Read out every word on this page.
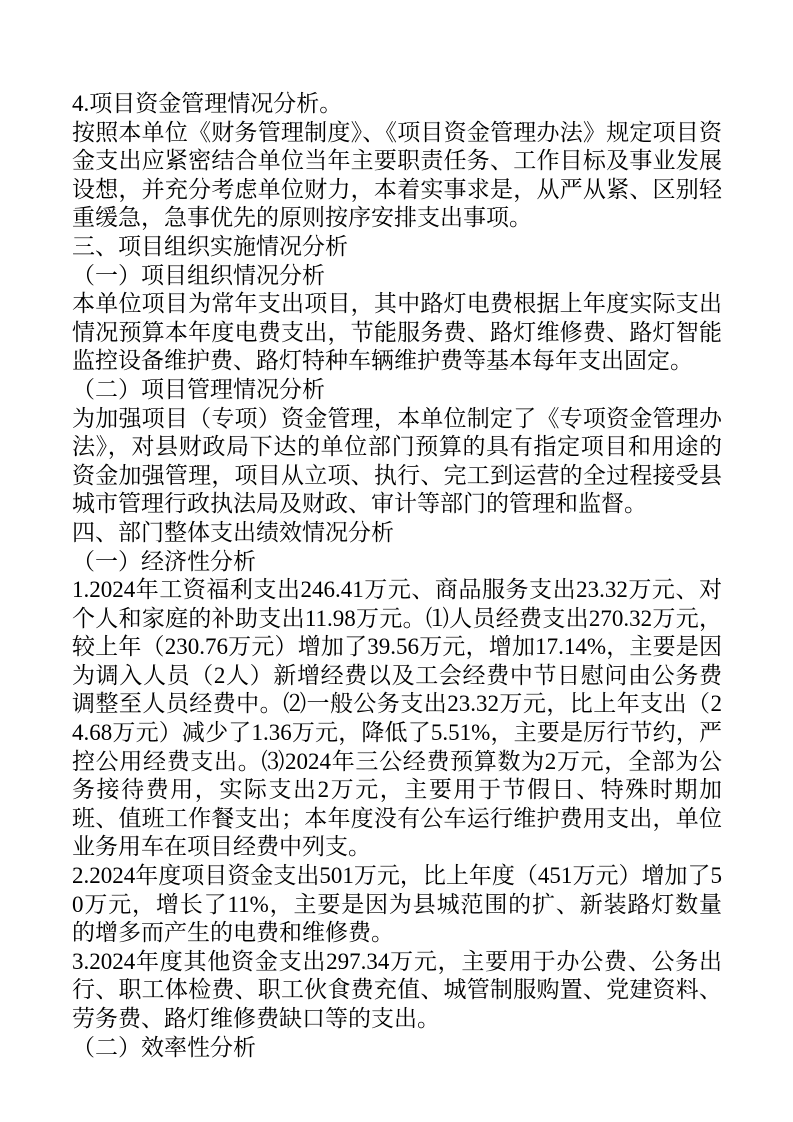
4.项目资金管理情况分析。

按照本单位《财务管理制度》、《项目资金管理办法》规定项目资金支出应紧密结合单位当年主要职责任务、工作目标及事业发展设想，并充分考虑单位财力，本着实事求是，从严从紧、区别轻重缓急，急事优先的原则按序安排支出事项。

三、项目组织实施情况分析

（一）项目组织情况分析

本单位项目为常年支出项目，其中路灯电费根据上年度实际支出情况预算本年度电费支出，节能服务费、路灯维修费、路灯智能监控设备维护费、路灯特种车辆维护费等基本每年支出固定。

（二）项目管理情况分析

为加强项目（专项）资金管理，本单位制定了《专项资金管理办法》，对县财政局下达的单位部门预算的具有指定项目和用途的资金加强管理，项目从立项、执行、完工到运营的全过程接受县城市管理行政执法局及财政、审计等部门的管理和监督。

四、部门整体支出绩效情况分析

（一）经济性分析

1.2024年工资福利支出246.41万元、商品服务支出23.32万元、对个人和家庭的补助支出11.98万元。⑴人员经费支出270.32万元，较上年（230.76万元）增加了39.56万元，增加17.14%，主要是因为调入人员（2人）新增经费以及工会经费中节日慰问由公务费调整至人员经费中。⑵一般公务支出23.32万元，比上年支出（24.68万元）减少了1.36万元，降低了5.51%，主要是厉行节约，严控公用经费支出。⑶2024年三公经费预算数为2万元，全部为公务接待费用，实际支出2万元，主要用于节假日、特殊时期加班、值班工作餐支出；本年度没有公车运行维护费用支出，单位业务用车在项目经费中列支。

2.2024年度项目资金支出501万元，比上年度（451万元）增加了50万元，增长了11%，主要是因为县城范围的扩、新装路灯数量的增多而产生的电费和维修费。

3.2024年度其他资金支出297.34万元，主要用于办公费、公务出行、职工体检费、职工伙食费充值、城管制服购置、党建资料、劳务费、路灯维修费缺口等的支出。

（二）效率性分析
